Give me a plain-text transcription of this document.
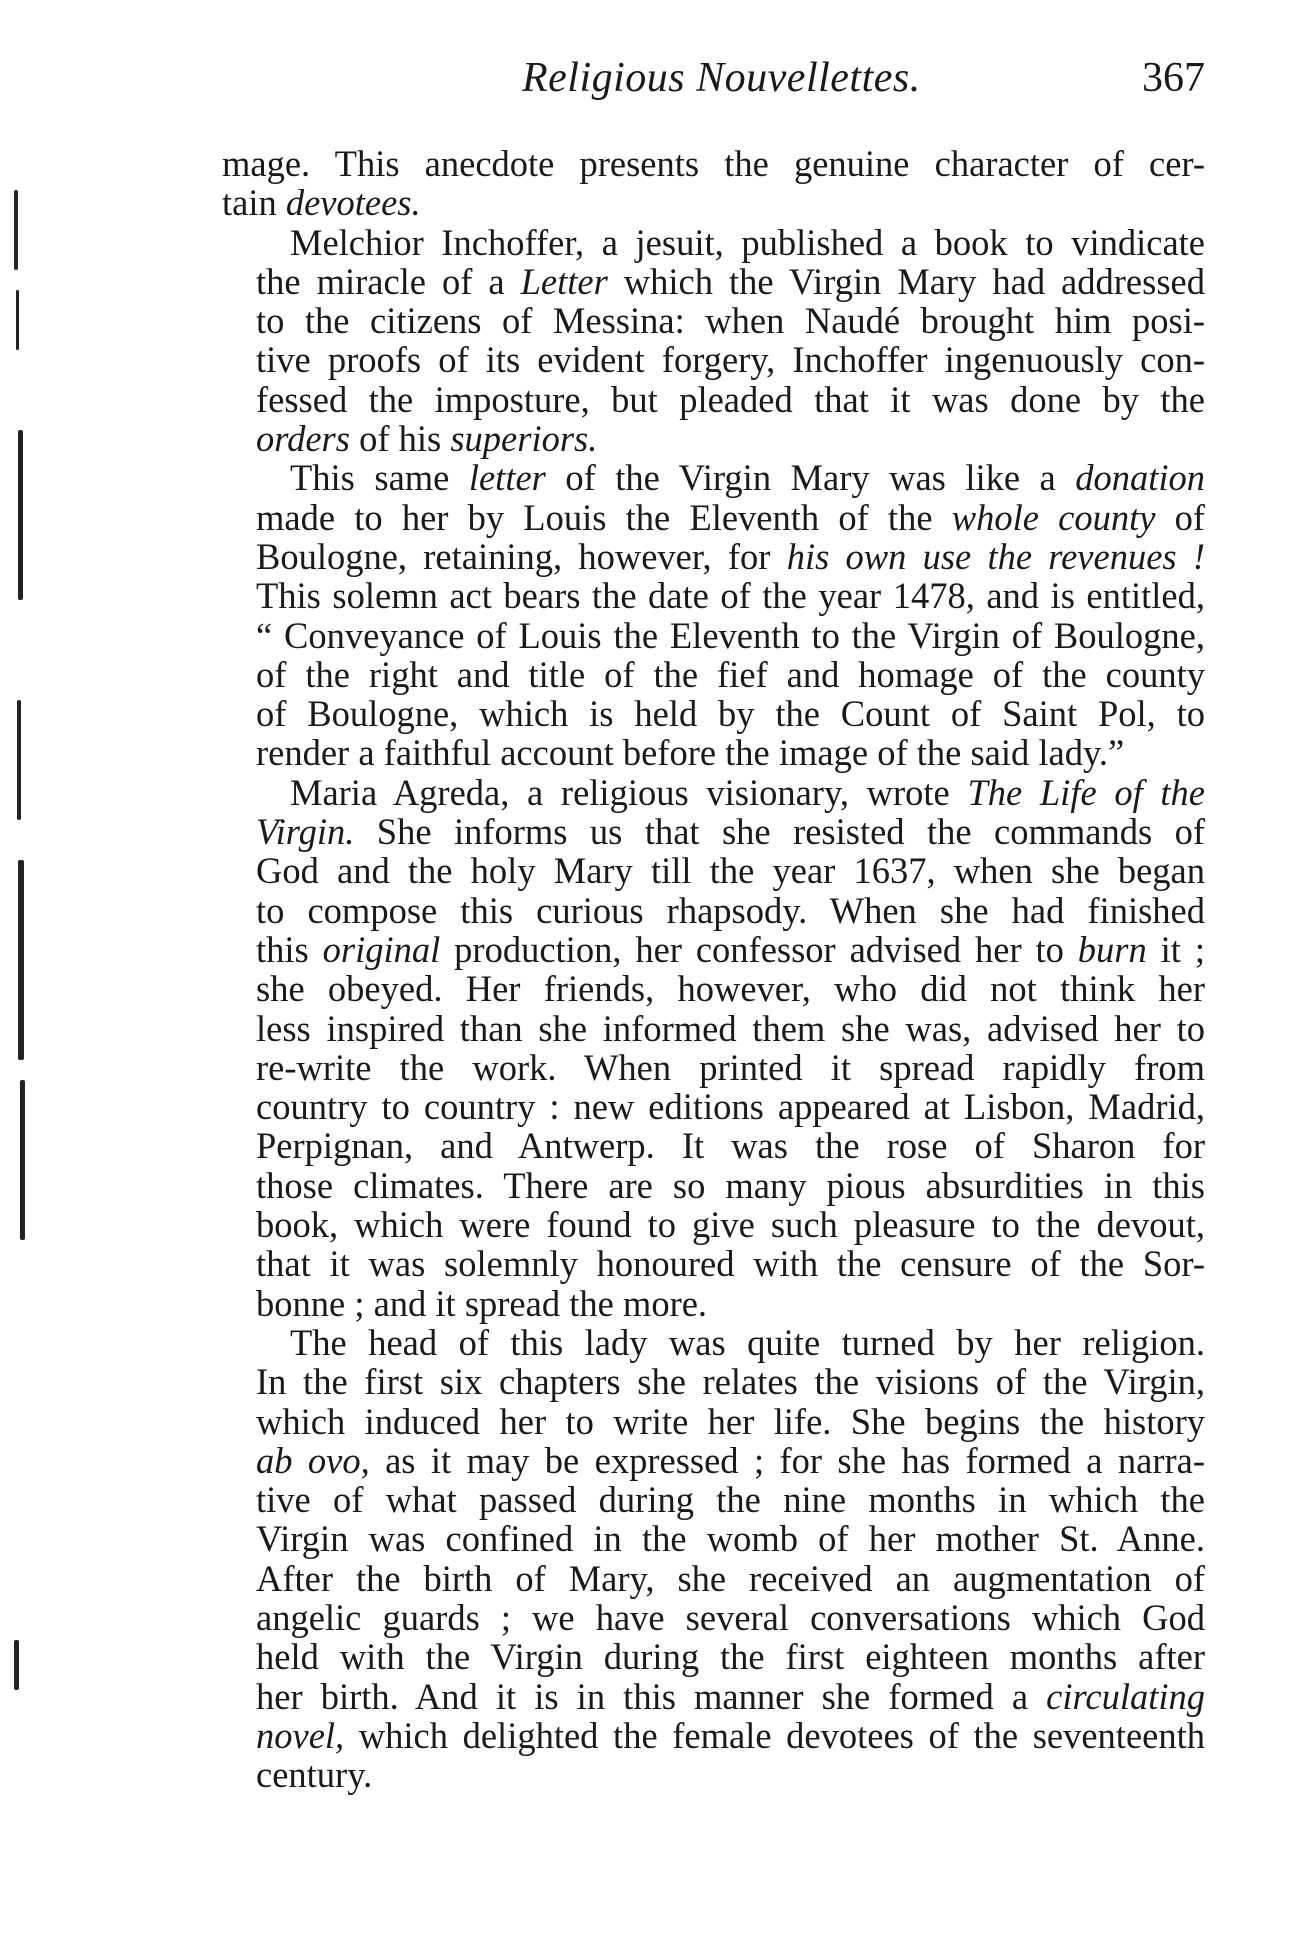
Religious Nouvellettes.	367
mage. This anecdote presents the genuine character of cer-
tain devotees.
Melchior Inchoffer, a jesuit, published a book to vindicate
the miracle of a Letter which the Virgin Mary had addressed
to the citizens of Messina: when Naudé brought him posi-
tive proofs of its evident forgery, Inchoffer ingenuously con-
fessed the imposture, but pleaded that it was done by the
orders of his superiors.
This same letter of the Virgin Mary was like a donation
made to her by Louis the Eleventh of the whole county of
Boulogne, retaining, however, for his own use the revenues !
This solemn act bears the date of the year 1478, and is entitled,
“ Conveyance of Louis the Eleventh to the Virgin of Boulogne,
of the right and title of the fief and homage of the county
of Boulogne, which is held by the Count of Saint Pol, to
render a faithful account before the image of the said lady.”
Maria Agreda, a religious visionary, wrote The Life of the
Virgin. She informs us that she resisted the commands of
God and the holy Mary till the year 1637, when she began
to compose this curious rhapsody. When she had finished
this original production, her confessor advised her to burn it ;
she obeyed. Her friends, however, who did not think her
less inspired than she informed them she was, advised her to
re-write the work. When printed it spread rapidly from
country to country : new editions appeared at Lisbon, Madrid,
Perpignan, and Antwerp. It was the rose of Sharon for
those climates. There are so many pious absurdities in this
book, which were found to give such pleasure to the devout,
that it was solemnly honoured with the censure of the Sor-
bonne ; and it spread the more.
The head of this lady was quite turned by her religion.
In the first six chapters she relates the visions of the Virgin,
which induced her to write her life. She begins the history
ab ovo, as it may be expressed ; for she has formed a narra-
tive of what passed during the nine months in which the
Virgin was confined in the womb of her mother St. Anne.
After the birth of Mary, she received an augmentation of
angelic guards ; we have several conversations which God
held with the Virgin during the first eighteen months after
her birth. And it is in this manner she formed a circulating
novel, which delighted the female devotees of the seventeenth
century.
